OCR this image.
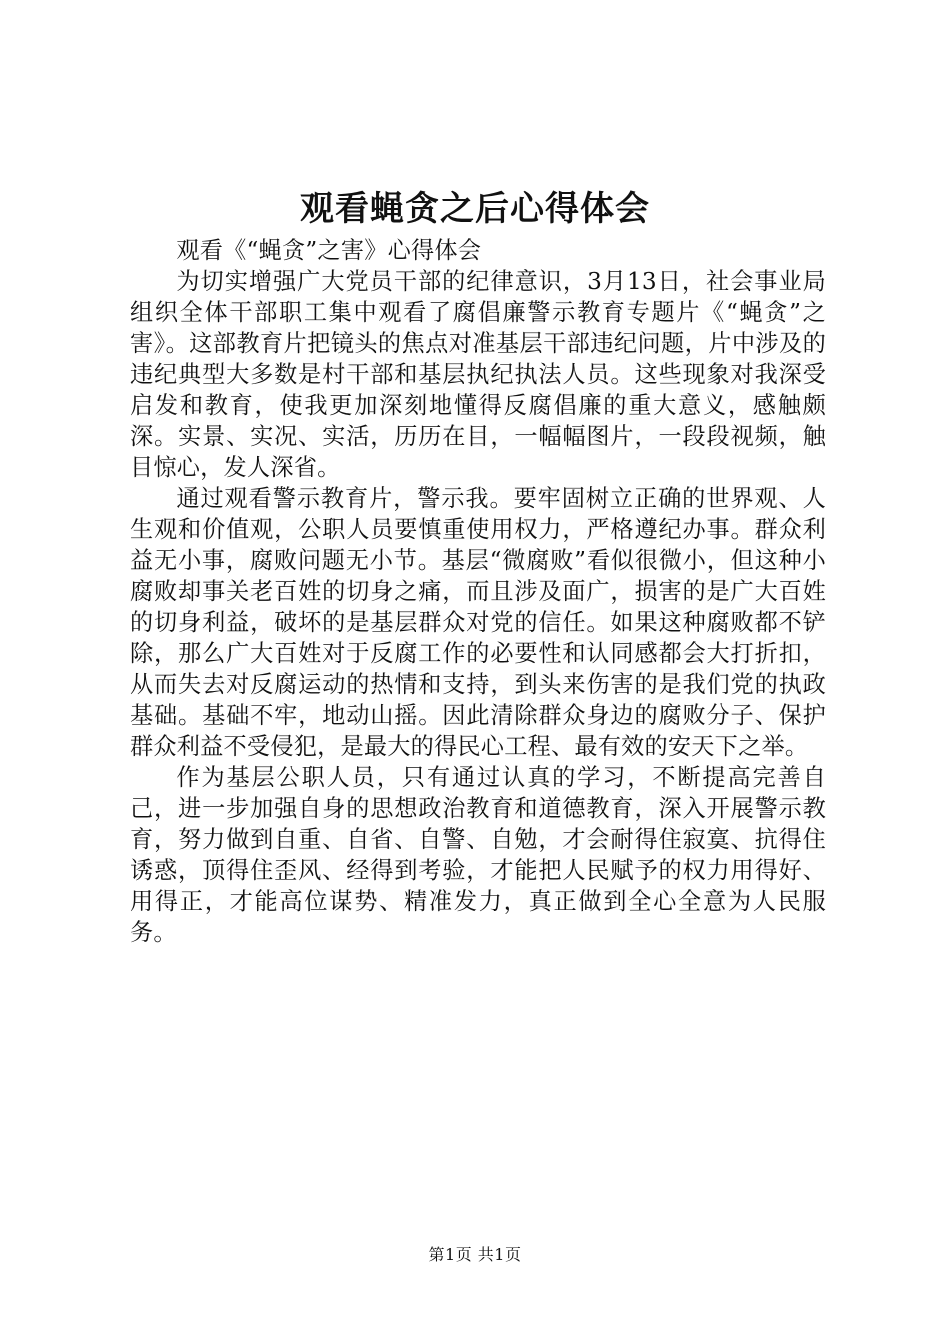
观看蝇贪之后心得体会

观看《“蝇贪”之害》心得体会

为切实增强广大党员干部的纪律意识，3月13日，社会事业局组织全体干部职工集中观看了腐倡廉警示教育专题片《“蝇贪”之害》。这部教育片把镜头的焦点对准基层干部违纪问题，片中涉及的违纪典型大多数是村干部和基层执纪执法人员。这些现象对我深受启发和教育，使我更加深刻地懂得反腐倡廉的重大意义，感触颇深。实景、实况、实活，历历在目，一幅幅图片，一段段视频，触目惊心，发人深省。

通过观看警示教育片，警示我。要牢固树立正确的世界观、人生观和价值观，公职人员要慎重使用权力，严格遵纪办事。群众利益无小事，腐败问题无小节。基层“微腐败”看似很微小，但这种小腐败却事关老百姓的切身之痛，而且涉及面广，损害的是广大百姓的切身利益，破坏的是基层群众对党的信任。如果这种腐败都不铲除，那么广大百姓对于反腐工作的必要性和认同感都会大打折扣，从而失去对反腐运动的热情和支持，到头来伤害的是我们党的执政基础。基础不牢，地动山摇。因此清除群众身边的腐败分子、保护群众利益不受侵犯，是最大的得民心工程、最有效的安天下之举。

作为基层公职人员，只有通过认真的学习，不断提高完善自己，进一步加强自身的思想政治教育和道德教育，深入开展警示教育，努力做到自重、自省、自警、自勉，才会耐得住寂寞、抗得住诱惑，顶得住歪风、经得到考验，才能把人民赋予的权力用得好、用得正，才能高位谋势、精准发力，真正做到全心全意为人民服务。

第1页 共1页
